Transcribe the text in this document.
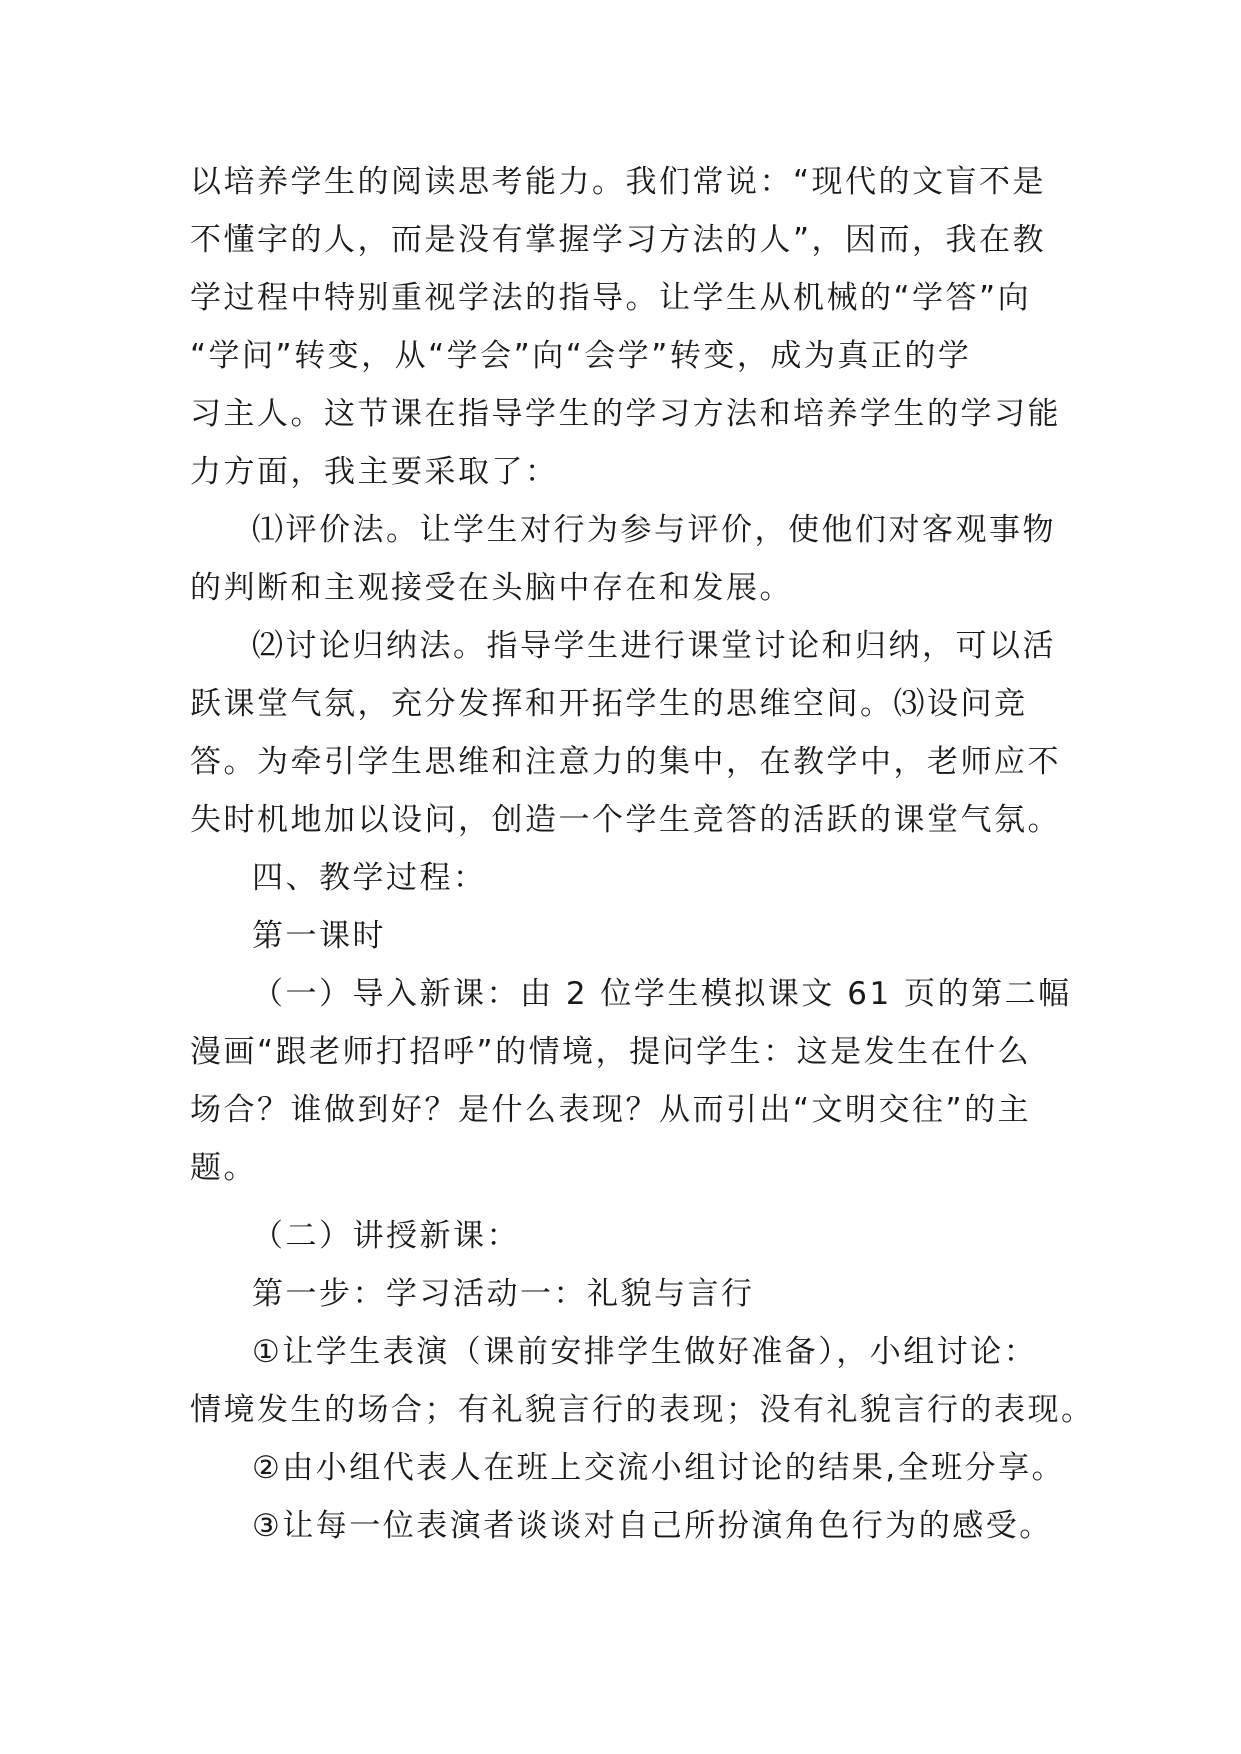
以培养学生的阅读思考能力。我们常说：“现代的文盲不是
不懂字的人，而是没有掌握学习方法的人”，因而，我在教
学过程中特别重视学法的指导。让学生从机械的“学答”向
“学问”转变，从“学会”向“会学”转变，成为真正的学
习主人。这节课在指导学生的学习方法和培养学生的学习能
力方面，我主要采取了：
⑴评价法。让学生对行为参与评价，使他们对客观事物
的判断和主观接受在头脑中存在和发展。
⑵讨论归纳法。指导学生进行课堂讨论和归纳，可以活
跃课堂气氛，充分发挥和开拓学生的思维空间。⑶设问竞
答。为牵引学生思维和注意力的集中，在教学中，老师应不
失时机地加以设问，创造一个学生竞答的活跃的课堂气氛。
四、教学过程：
第一课时
（一）导入新课：由 2 位学生模拟课文 61 页的第二幅
漫画“跟老师打招呼”的情境，提问学生：这是发生在什么
场合？谁做到好？是什么表现？从而引出“文明交往”的主
题。
（二）讲授新课：
第一步：学习活动一：礼貌与言行
①让学生表演（课前安排学生做好准备），小组讨论：
情境发生的场合；有礼貌言行的表现；没有礼貌言行的表现。
②由小组代表人在班上交流小组讨论的结果,全班分享。
③让每一位表演者谈谈对自己所扮演角色行为的感受。
